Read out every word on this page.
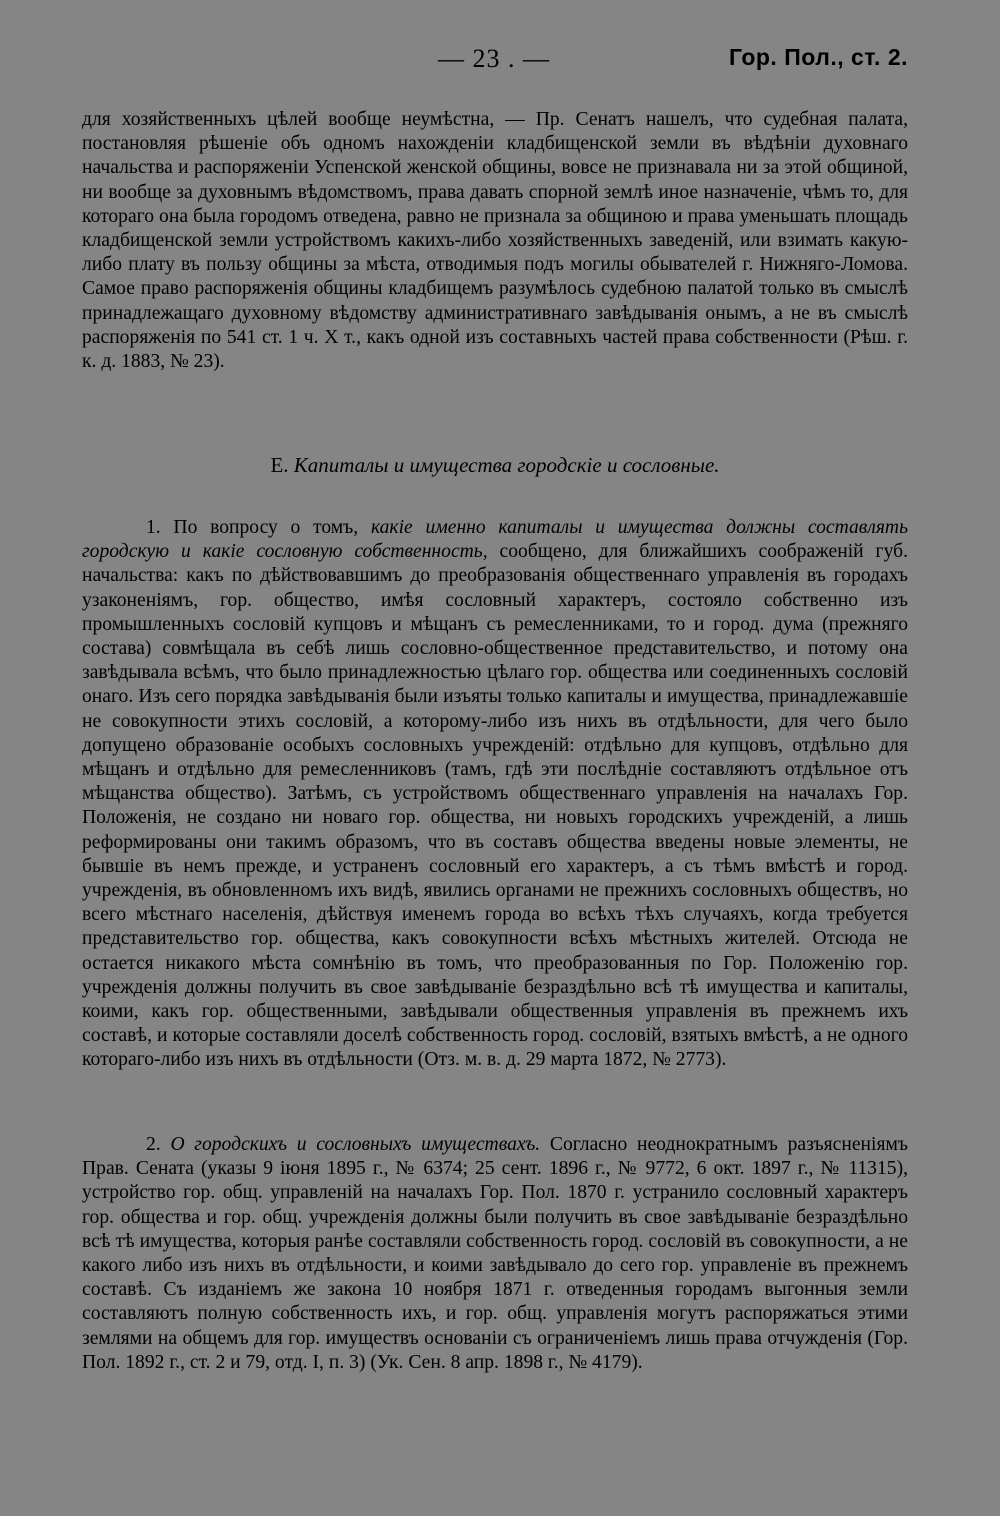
— 23 . —	Гор. Пол., ст. 2.
для хозяйственныхъ цѣлей вообще неумѣстна, — Пр. Сенатъ нашелъ, что судебная палата, постановляя рѣшеніе объ одномъ нахожденіи кладбищенской земли въ вѣдѣніи духовнаго начальства и распоряженіи Успенской женской общины, вовсе не признавала ни за этой общиной, ни вообще за духовнымъ вѣдомствомъ, права давать спорной землѣ иное назначеніе, чѣмъ то, для котораго она была городомъ отведена, равно не признала за общиною и права уменьшать площадь кладбищенской земли устройствомъ какихъ-либо хозяйственныхъ заведеній, или взимать какую-либо плату въ пользу общины за мѣста, отводимыя подъ могилы обывателей г. Нижняго-Ломова. Самое право распоряженія общины кладбищемъ разумѣлось судебною палатой только въ смыслѣ принадлежащаго духовному вѣдомству административнаго завѣдыванія онымъ, а не въ смыслѣ распоряженія по 541 ст. 1 ч. X т., какъ одной изъ составныхъ частей права собственности (Рѣш. г. к. д. 1883, № 23).
Е. Капиталы и имущества городскіе и сословные.
1. По вопросу о томъ, какіе именно капиталы и имущества должны составлять городскую и какіе сословную собственность, сообщено, для ближайшихъ соображеній губ. начальства: какъ по дѣйствовавшимъ до преобразованія общественнаго управленія въ городахъ узаконеніямъ, гор. общество, имѣя сословный характеръ, состояло собственно изъ промышленныхъ сословій купцовъ и мѣщанъ съ ремесленниками, то и город. дума (прежняго состава) совмѣщала въ себѣ лишь сословно-общественное представительство, и потому она завѣдывала всѣмъ, что было принадлежностью цѣлаго гор. общества или соединенныхъ сословій онаго. Изъ сего порядка завѣдыванія были изъяты только капиталы и имущества, принадлежавшіе не совокупности этихъ сословій, а которому-либо изъ нихъ въ отдѣльности, для чего было допущено образованіе особыхъ сословныхъ учрежденій: отдѣльно для купцовъ, отдѣльно для мѣщанъ и отдѣльно для ремесленниковъ (тамъ, гдѣ эти послѣдніе составляютъ отдѣльное отъ мѣщанства общество). Затѣмъ, съ устройствомъ общественнаго управленія на началахъ Гор. Положенія, не создано ни новаго гор. общества, ни новыхъ городскихъ учрежденій, а лишь реформированы они такимъ образомъ, что въ составъ общества введены новые элементы, не бывшіе въ немъ прежде, и устраненъ сословный его характеръ, а съ тѣмъ вмѣстѣ и город. учрежденія, въ обновленномъ ихъ видѣ, явились органами не прежнихъ сословныхъ обществъ, но всего мѣстнаго населенія, дѣйствуя именемъ города во всѣхъ тѣхъ случаяхъ, когда требуется представительство гор. общества, какъ совокупности всѣхъ мѣстныхъ жителей. Отсюда не остается никакого мѣста сомнѣнію въ томъ, что преобразованныя по Гор. Положенію гор. учрежденія должны получить въ свое завѣдываніе безраздѣльно всѣ тѣ имущества и капиталы, коими, какъ гор. общественными, завѣдывали общественныя управленія въ прежнемъ ихъ составѣ, и которые составляли доселѣ собственность город. сословій, взятыхъ вмѣстѣ, а не одного котораго-либо изъ нихъ въ отдѣльности (Отз. м. в. д. 29 марта 1872, № 2773).
2. О городскихъ и сословныхъ имуществахъ. Согласно неоднократнымъ разъясненіямъ Прав. Сената (указы 9 іюня 1895 г., № 6374; 25 сент. 1896 г., № 9772, 6 окт. 1897 г., № 11315), устройство гор. общ. управленій на началахъ Гор. Пол. 1870 г. устранило сословный характеръ гор. общества и гор. общ. учрежденія должны были получить въ свое завѣдываніе безраздѣльно всѣ тѣ имущества, которыя ранѣе составляли собственность город. сословій въ совокупности, а не какого либо изъ нихъ въ отдѣльности, и коими завѣдывало до сего гор. управленіе въ прежнемъ составѣ. Съ изданіемъ же закона 10 ноября 1871 г. отведенныя городамъ выгонныя земли составляютъ полную собственность ихъ, и гор. общ. управленія могутъ распоряжаться этими землями на общемъ для гор. имуществъ основаніи съ ограниченіемъ лишь права отчужденія (Гор. Пол. 1892 г., ст. 2 и 79, отд. I, п. 3) (Ук. Сен. 8 апр. 1898 г., № 4179).
